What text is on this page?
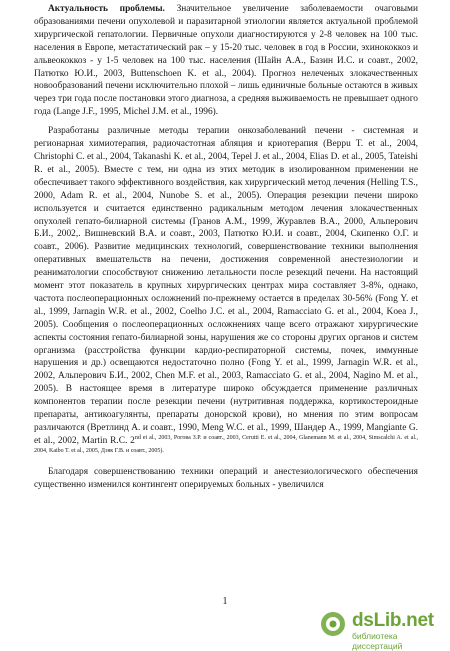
Актуальность проблемы. Значительное увеличение заболеваемости очаговыми образованиями печени опухолевой и паразитарной этиологии является актуальной проблемой хирургической гепатологии. Первичные опухоли диагностируются у 2-8 человек на 100 тыс. населения в Европе, метастатический рак – у 15-20 тыс. человек в год в России, эхинококкоз и альвеококкоз - у 1-5 человек на 100 тыс. населения (Шайн А.А., Базин И.С. и соавт., 2002, Патютко Ю.И., 2003, Buttenschoen K. et al., 2004). Прогноз нелеченых злокачественных новообразований печени исключительно плохой – лишь единичные больные остаются в живых через три года после постановки этого диагноза, а средняя выживаемость не превышает одного года (Lange J.F., 1995, Michel J.M. et al., 1996).

Разработаны различные методы терапии онкозаболеваний печени - системная и регионарная химиотерапия, радиочастотная абляция и криотерапия (Beppu T. et al., 2004, Christophi C. et al., 2004, Takanashi K. et al., 2004, Tepel J. et al., 2004, Elias D. et al., 2005, Tateishi R. et al., 2005). Вместе с тем, ни одна из этих методик в изолированном применении не обеспечивает такого эффективного воздействия, как хирургический метод лечения (Helling T.S., 2000, Adam R. et al., 2004, Nunobe S. et al., 2005). Операция резекции печени широко используется и считается единственно радикальным методом лечения злокачественных опухолей гепато-билиарной системы (Гранов А.М., 1999, Журавлев В.А., 2000, Альперович Б.И., 2002,. Вишневский В.А. и соавт., 2003, Патютко Ю.И. и соавт., 2004, Скипенко О.Г. и соавт., 2006). Развитие медицинских технологий, совершенствование техники выполнения оперативных вмешательств на печени, достижения современной анестезиологии и реаниматологии способствуют снижению летальности после резекций печени. На настоящий момент этот показатель в крупных хирургических центрах мира составляет 3-8%, однако, частота послеоперационных осложнений по-прежнему остается в пределах 30-56% (Fong Y. et al., 1999, Jarnagin W.R. et al., 2002, Coelho J.C. et al., 2004, Ramacciato G. et al., 2004, Koea J., 2005). Сообщения о послеоперационных осложнениях чаще всего отражают хирургические аспекты состояния гепато-билиарной зоны, нарушения же со стороны других органов и систем организма (расстройства функции кардио-респираторной системы, почек, иммунные нарушения и др.) освещаются недостаточно полно (Fong Y. et al., 1999, Jarnagin W.R. et al., 2002, Альперович Б.И., 2002, Chen M.F. et al., 2003, Ramacciato G. et al., 2004, Nagino M. et al., 2005). В настоящее время в литературе широко обсуждается применение различных компонентов терапии после резекции печени (нутритивная поддержка, кортикостероидные препараты, антикоагулянты, препараты донорской крови), но мнения по этим вопросам различаются (Вретлинд А. и соавт., 1990, Meng W.C. et al., 1999, Шандер А., 1999, Mangiante G. et al., 2002, Martin R.C. $2^{nd et al., 2003, Рогова З.Р. и соавт., 2003, Cerutti E. et al., 2004, Glanemann M. et al., 2004, Simscalchi A. et al., 2004, Kaibo T. et al., 2005, Дзяк Г.В. и соавт., 2005).}$

Благодаря совершенствованию техники операций и анестезиологического обеспечения существенно изменился контингент оперируемых больных - увеличился

1
dsLib.net
библиотека диссертаций
